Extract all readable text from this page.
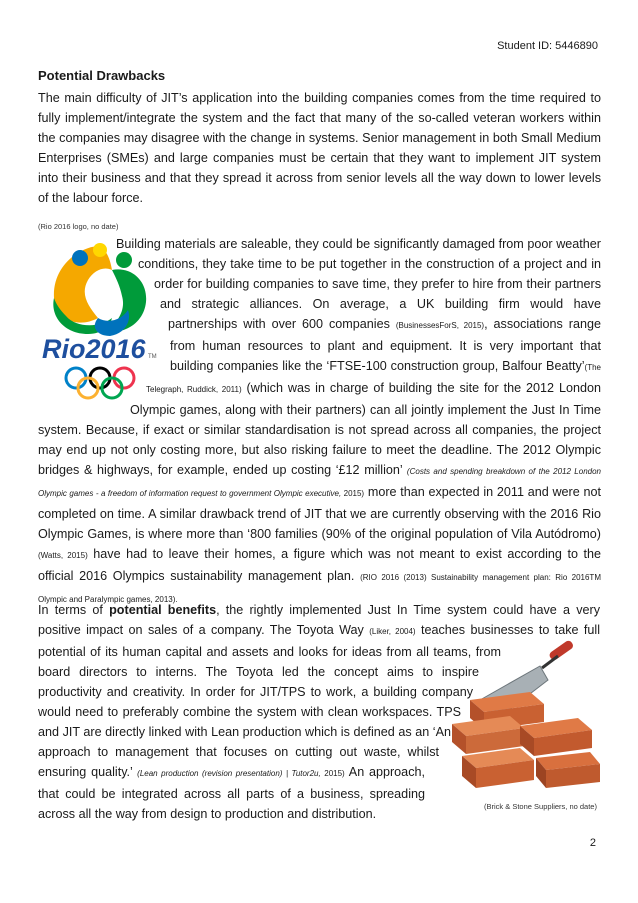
Student ID: 5446890
Potential Drawbacks

The main difficulty of JIT’s application into the building companies comes from the time required to fully implement/integrate the system and the fact that many of the so-called veteran workers within the companies may disagree with the change in systems. Senior management in both Small Medium Enterprises (SMEs) and large companies must be certain that they want to implement JIT system into their business and that they spread it across from senior levels all the way down to lower levels of the labour force.

(Rio 2016 logo, no date)
Rio2016 TM

Building materials are saleable, they could be significantly damaged from poor weather conditions, they take time to be put together in the construction of a project and in order for building companies to save time, they prefer to hire from their partners and strategic alliances. On average, a UK building firm would have partnerships with over 600 companies (BusinessesForS, 2015), associations range from human resources to plant and equipment. It is very important that building companies like the ‘FTSE-100 construction group, Balfour Beatty’(The Telegraph, Ruddick, 2011) (which was in charge of building the site for the 2012 London Olympic games, along with their partners) can all jointly implement the Just In Time system. Because, if exact or similar standardisation is not spread across all companies, the project may end up not only costing more, but also risking failure to meet the deadline. The 2012 Olympic bridges & highways, for example, ended up costing ‘£12 million’ (Costs and spending breakdown of the 2012 London Olympic games - a freedom of information request to government Olympic executive, 2015) more than expected in 2011 and were not completed on time. A similar drawback trend of JIT that we are currently observing with the 2016 Rio Olympic Games, is where more than ‘800 families (90% of the original population of Vila Autódromo)(Watts, 2015) have had to leave their homes, a figure which was not meant to exist according to the official 2016 Olympics sustainability management plan. (RIO 2016 (2013) Sustainability management plan: Rio 2016TM Olympic and Paralympic games, 2013).

In terms of potential benefits, the rightly implemented Just In Time system could have a very positive impact on sales of a company. The Toyota Way (Liker, 2004) teaches businesses to take full potential of its human capital and assets and looks for ideas from all teams, from board directors to interns. The Toyota led the concept aims to inspire productivity and creativity. In order for JIT/TPS to work, a building company would need to preferably combine the system with clean workspaces. TPS and JIT are directly linked with Lean production which is defined as an ‘An approach to management that focuses on cutting out waste, whilst ensuring quality.’ (Lean production (revision presentation) | Tutor2u, 2015) An approach, that could be integrated across all parts of a business, spreading across all the way from design to production and distribution.

(Brick & Stone Suppliers, no date)
2
